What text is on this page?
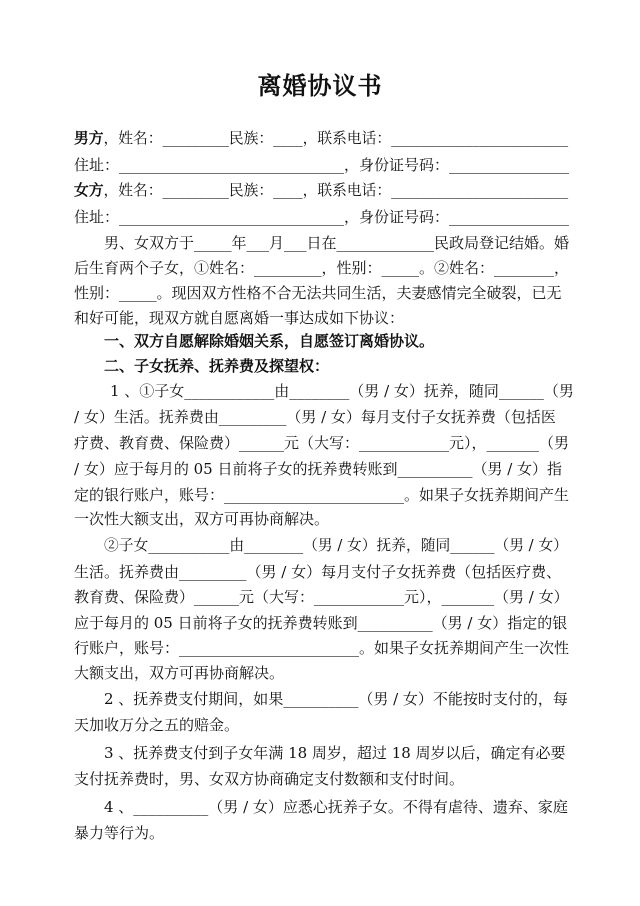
离婚协议书
男方，姓名：_________民族：____，联系电话：________________________
住址：______________________________，身份证号码：________________
女方，姓名：_________民族：____，联系电话：________________________
住址：______________________________，身份证号码：________________
男、女双方于_____年___月___日在_____________民政局登记结婚。婚
后生育两个子女，①姓名：_________，性别：_____。②姓名：________，
性别：_____。现因双方性格不合无法共同生活，夫妻感情完全破裂，已无
和好可能，现双方就自愿离婚一事达成如下协议：
一、双方自愿解除婚姻关系，自愿签订离婚协议。
二、子女抚养、抚养费及探望权：
1 、①子女____________由________（男 / 女）抚养，随同______（男
/ 女）生活。抚养费由_________（男 / 女）每月支付子女抚养费（包括医
疗费、教育费、保险费）______元（大写：____________元），_______（男
/ 女）应于每月的 05 日前将子女的抚养费转账到__________（男 / 女）指
定的银行账户，账号：________________________。如果子女抚养期间产生
一次性大额支出，双方可再协商解决。
②子女___________由________（男 / 女）抚养，随同______（男 / 女）
生活。抚养费由_________（男 / 女）每月支付子女抚养费（包括医疗费、
教育费、保险费）______元（大写：____________元），_______（男 / 女）
应于每月的 05 日前将子女的抚养费转账到__________（男 / 女）指定的银
行账户，账号：________________________。如果子女抚养期间产生一次性
大额支出，双方可再协商解决。
2 、抚养费支付期间，如果__________（男 / 女）不能按时支付的，每
天加收万分之五的赔金。
3 、抚养费支付到子女年满 18 周岁，超过 18 周岁以后，确定有必要
支付抚养费时，男、女双方协商确定支付数额和支付时间。
4 、__________（男 / 女）应悉心抚养子女。不得有虐待、遗弃、家庭
暴力等行为。
